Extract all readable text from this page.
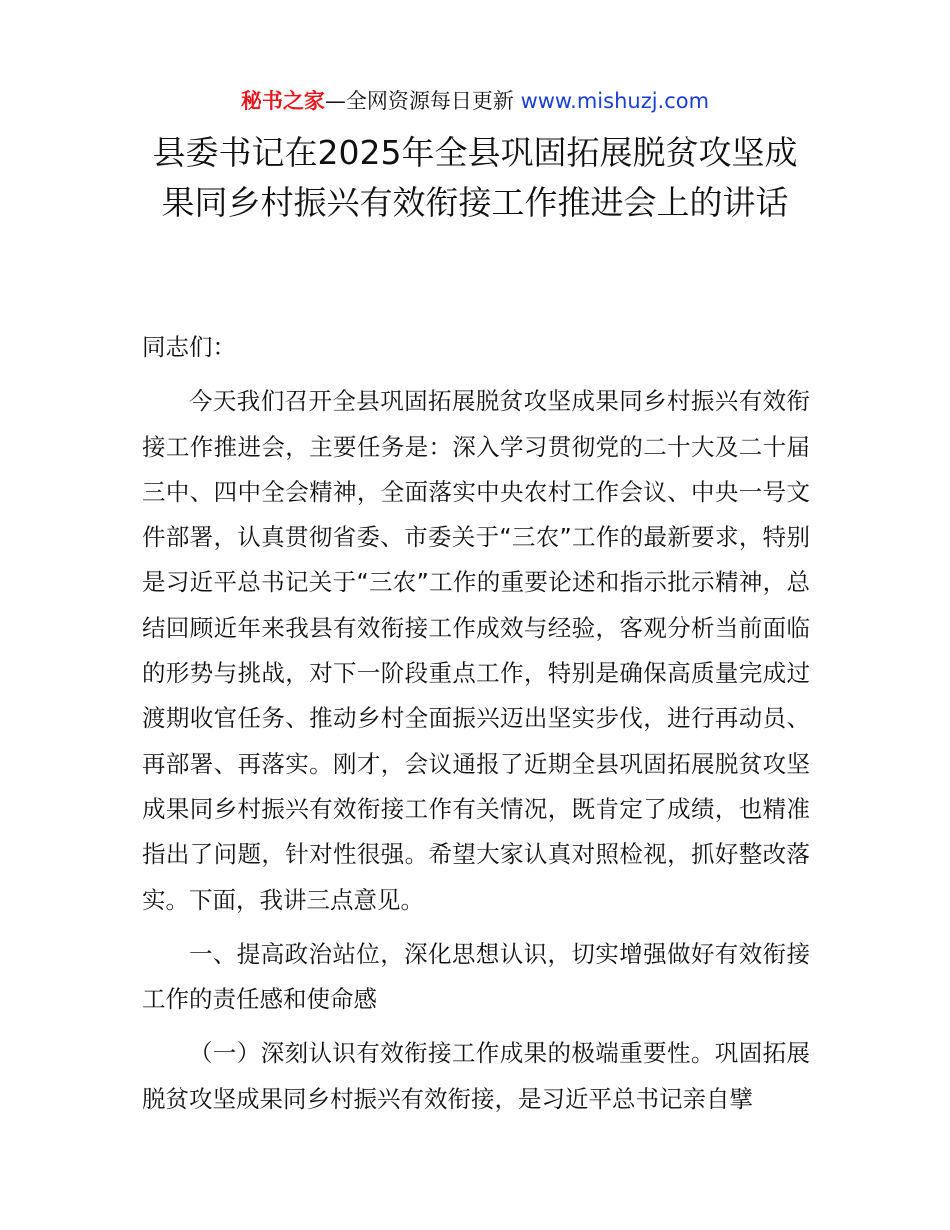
秘书之家—全网资源每日更新 www.mishuzj.com
县委书记在2025年全县巩固拓展脱贫攻坚成果同乡村振兴有效衔接工作推进会上的讲话

同志们：

今天我们召开全县巩固拓展脱贫攻坚成果同乡村振兴有效衔接工作推进会，主要任务是：深入学习贯彻党的二十大及二十届三中、四中全会精神，全面落实中央农村工作会议、中央一号文件部署，认真贯彻省委、市委关于“三农”工作的最新要求，特别是习近平总书记关于“三农”工作的重要论述和指示批示精神，总结回顾近年来我县有效衔接工作成效与经验，客观分析当前面临的形势与挑战，对下一阶段重点工作，特别是确保高质量完成过渡期收官任务、推动乡村全面振兴迈出坚实步伐，进行再动员、再部署、再落实。刚才，会议通报了近期全县巩固拓展脱贫攻坚成果同乡村振兴有效衔接工作有关情况，既肯定了成绩，也精准指出了问题，针对性很强。希望大家认真对照检视，抓好整改落实。下面，我讲三点意见。

一、提高政治站位，深化思想认识，切实增强做好有效衔接工作的责任感和使命感

（一）深刻认识有效衔接工作成果的极端重要性。巩固拓展脱贫攻坚成果同乡村振兴有效衔接，是习近平总书记亲自擘
